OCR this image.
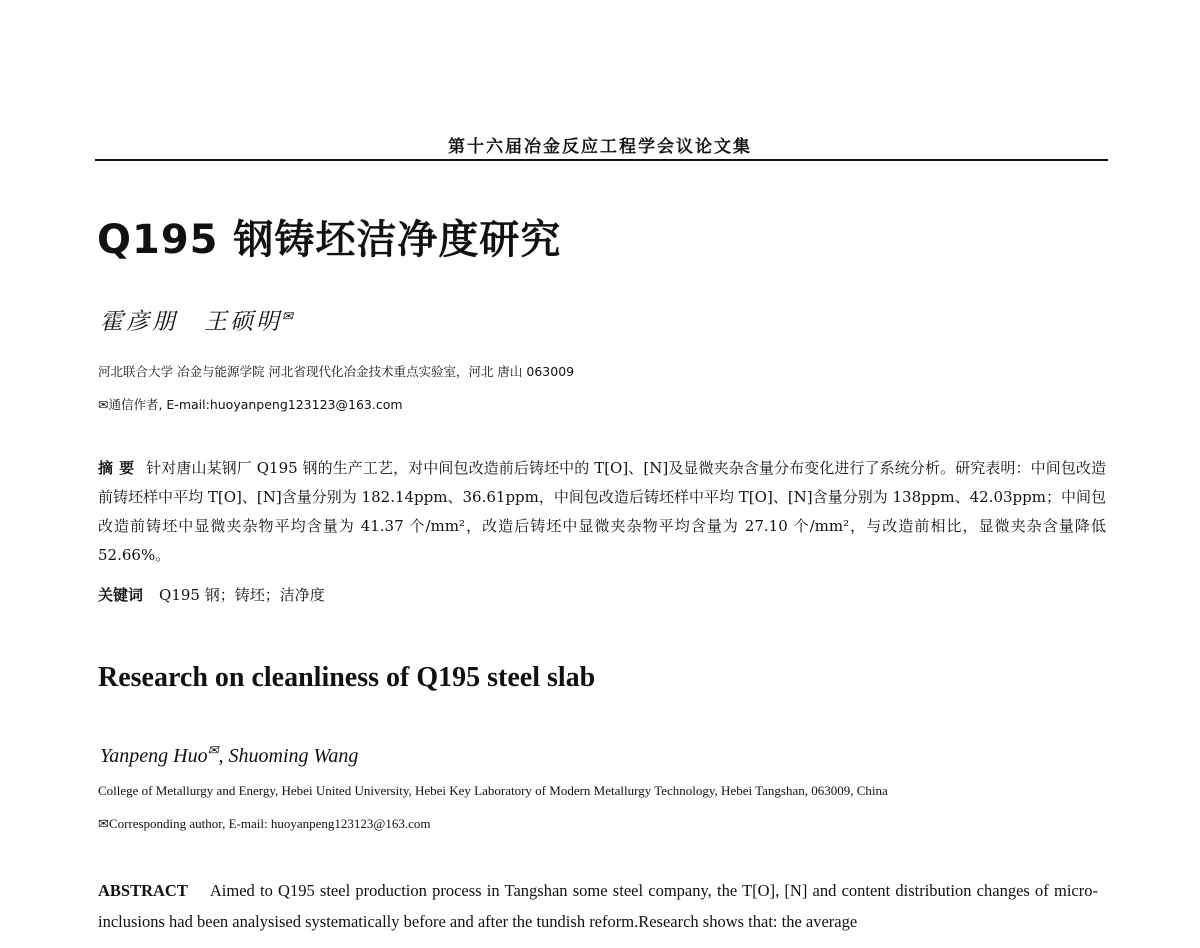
第十六届冶金反应工程学会议论文集
Q195 钢铸坯洁净度研究
霍彦朋 王硕明✉
河北联合大学 冶金与能源学院 河北省现代化冶金技术重点实验室，河北 唐山 063009
✉通信作者, E-mail:huoyanpeng123123@163.com
摘要 针对唐山某钢厂 Q195 钢的生产工艺，对中间包改造前后铸坯中的 T[O]、[N]及显微夹杂含量分布变化进行了系统分析。研究表明：中间包改造前铸坯样中平均 T[O]、[N]含量分别为 182.14ppm、36.61ppm，中间包改造后铸坯样中平均 T[O]、[N]含量分别为 138ppm、42.03ppm；中间包改造前铸坯中显微夹杂物平均含量为 41.37 个/mm²，改造后铸坯中显微夹杂物平均含量为 27.10 个/mm²，与改造前相比，显微夹杂含量降低 52.66%。
关键词 Q195 钢；铸坯；洁净度
Research on cleanliness of Q195 steel slab
Yanpeng Huo✉, Shuoming Wang
College of Metallurgy and Energy, Hebei United University, Hebei Key Laboratory of Modern Metallurgy Technology, Hebei Tangshan, 063009, China
✉Corresponding author, E-mail: huoyanpeng123123@163.com
ABSTRACT Aimed to Q195 steel production process in Tangshan some steel company, the T[O], [N] and content distribution changes of micro-inclusions had been analysised systematically before and after the tundish reform.Research shows that: the average
